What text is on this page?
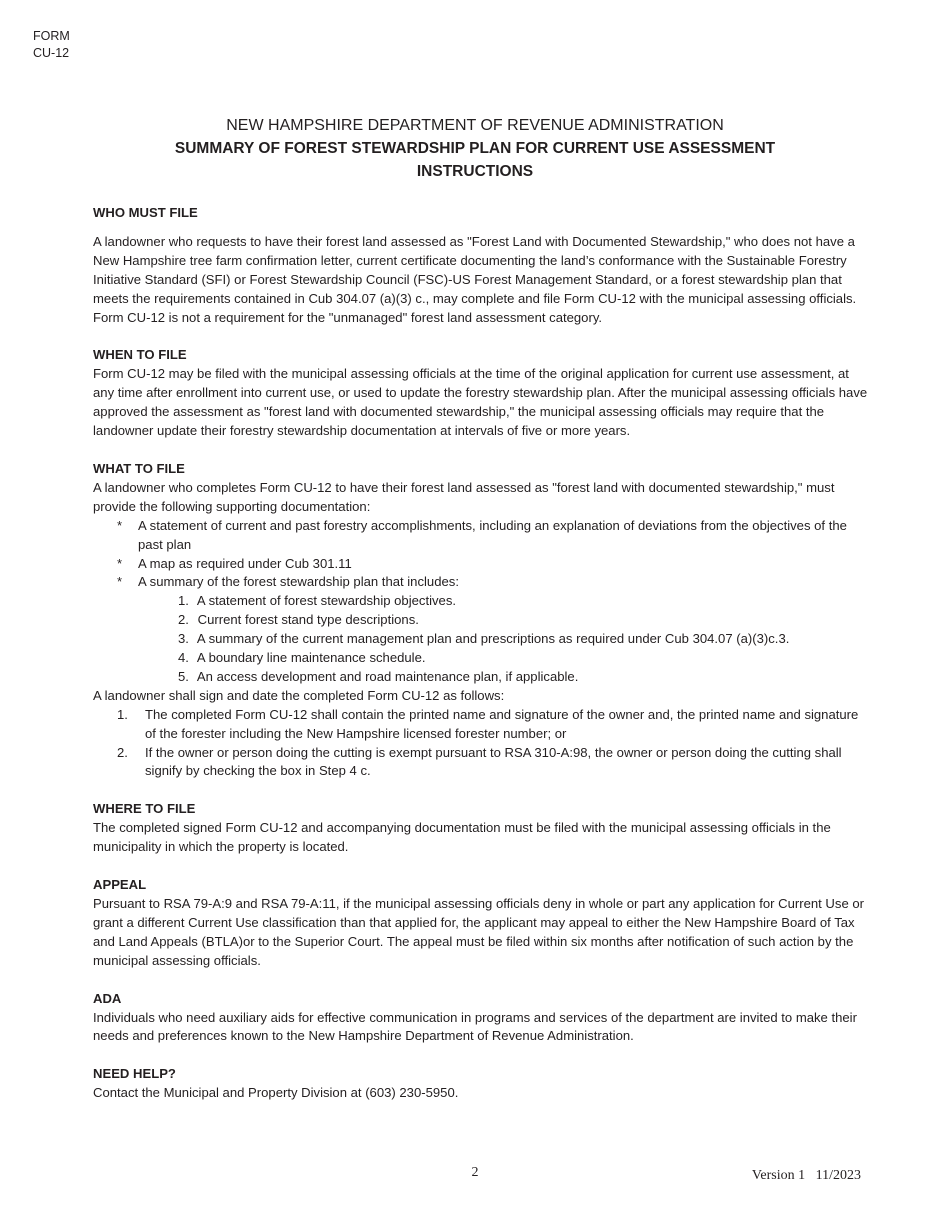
FORM
CU-12
NEW HAMPSHIRE DEPARTMENT OF REVENUE ADMINISTRATION
SUMMARY OF FOREST STEWARDSHIP PLAN FOR CURRENT USE ASSESSMENT
INSTRUCTIONS
WHO MUST FILE

A landowner who requests to have their forest land assessed as "Forest Land with Documented Stewardship," who does not have a New Hampshire tree farm confirmation letter, current certificate documenting the land’s conformance with the Sustainable Forestry Initiative Standard (SFI) or Forest Stewardship Council (FSC)-US Forest Management Standard, or a forest stewardship plan that meets the requirements contained in Cub 304.07 (a)(3) c., may complete and file Form CU-12 with the municipal assessing officials. Form CU-12 is not a requirement for the "unmanaged" forest land assessment category.

WHEN TO FILE

Form CU-12 may be filed with the municipal assessing officials at the time of the original application for current use assessment, at any time after enrollment into current use, or used to update the forestry stewardship plan. After the municipal assessing officials have approved the assessment as "forest land with documented stewardship," the municipal assessing officials may require that the landowner update their forestry stewardship documentation at intervals of five or more years.

WHAT TO FILE

A landowner who completes Form CU-12 to have their forest land assessed as "forest land with documented stewardship," must provide the following supporting documentation:

* A statement of current and past forestry accomplishments, including an explanation of deviations from the objectives of the past plan
* A map as required under Cub 301.11
* A summary of the forest stewardship plan that includes:
1. A statement of forest stewardship objectives.
2. Current forest stand type descriptions.
3. A summary of the current management plan and prescriptions as required under Cub 304.07 (a)(3)c.3.
4. A boundary line maintenance schedule.
5. An access development and road maintenance plan, if applicable.

A landowner shall sign and date the completed Form CU-12 as follows:

1. The completed Form CU-12 shall contain the printed name and signature of the owner and, the printed name and signature of the forester including the New Hampshire licensed forester number; or
2. If the owner or person doing the cutting is exempt pursuant to RSA 310-A:98, the owner or person doing the cutting shall signify by checking the box in Step 4 c.
WHERE TO FILE

The completed signed Form CU-12 and accompanying documentation must be filed with the municipal assessing officials in the municipality in which the property is located.

APPEAL

Pursuant to RSA 79-A:9 and RSA 79-A:11, if the municipal assessing officials deny in whole or part any application for Current Use or grant a different Current Use classification than that applied for, the applicant may appeal to either the New Hampshire Board of Tax and Land Appeals (BTLA)or to the Superior Court. The appeal must be filed within six months after notification of such action by the municipal assessing officials.

ADA

Individuals who need auxiliary aids for effective communication in programs and services of the department are invited to make their needs and preferences known to the New Hampshire Department of Revenue Administration.

NEED HELP?

Contact the Municipal and Property Division at (603) 230-5950.

2	Version 1   11/2023
